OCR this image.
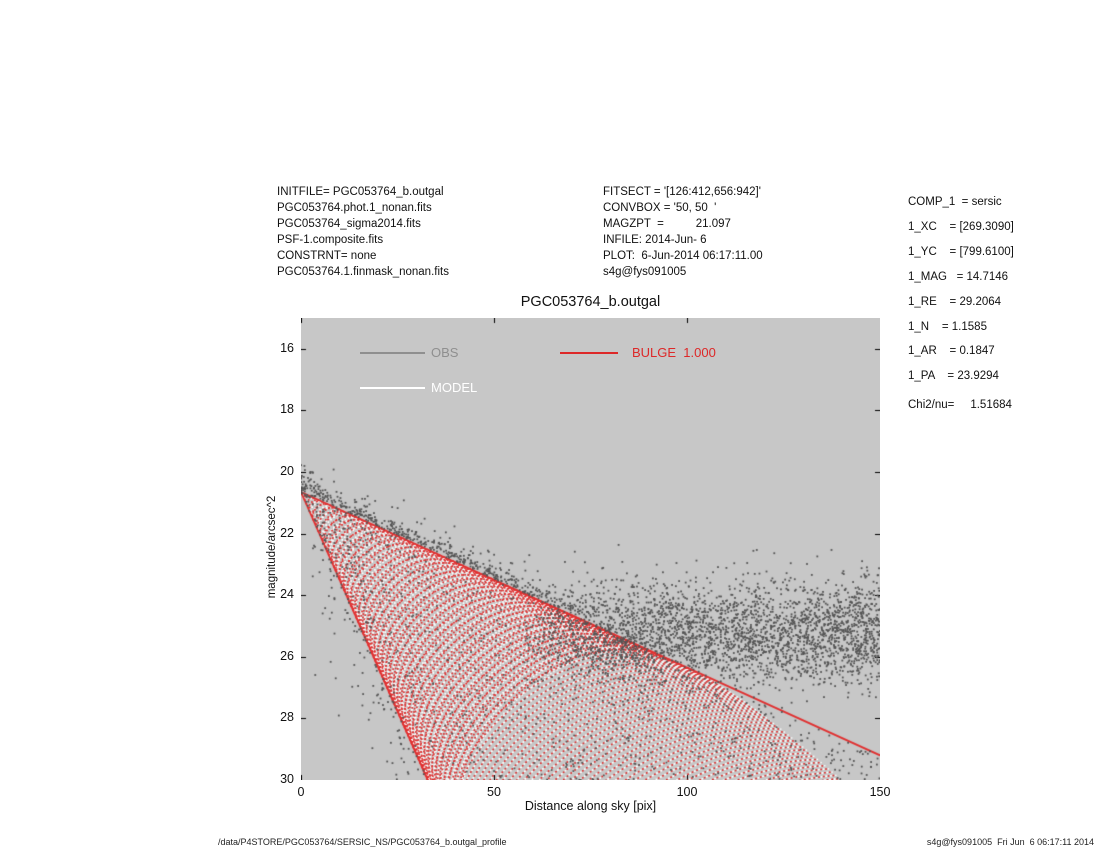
INITFILE= PGC053764_b.outgal
PGC053764.phot.1_nonan.fits
PGC053764_sigma2014.fits
PSF-1.composite.fits
CONSTRNT= none
PGC053764.1.finmask_nonan.fits
FITSECT = '[126:412,656:942]'
CONVBOX = '50, 50  '
MAGZPT  =          21.097
INFILE: 2014-Jun- 6
PLOT:  6-Jun-2014 06:17:11.00
s4g@fys091005
COMP_1  = sersic
1_XC    = [269.3090]
1_YC    = [799.6100]
1_MAG   = 14.7146
1_RE    = 29.2064
1_N    = 1.1585
1_AR    = 0.1847
1_PA    = 23.9294
Chi2/nu=     1.51684
PGC053764_b.outgal
OBS
MODEL
BULGE  1.000
magnitude/arcsec^2
Distance along sky [pix]
16
18
20
22
24
26
28
30
0	50	100	150
/data/P4STORE/PGC053764/SERSIC_NS/PGC053764_b.outgal_profile	s4g@fys091005  Fri Jun  6 06:17:11 2014
